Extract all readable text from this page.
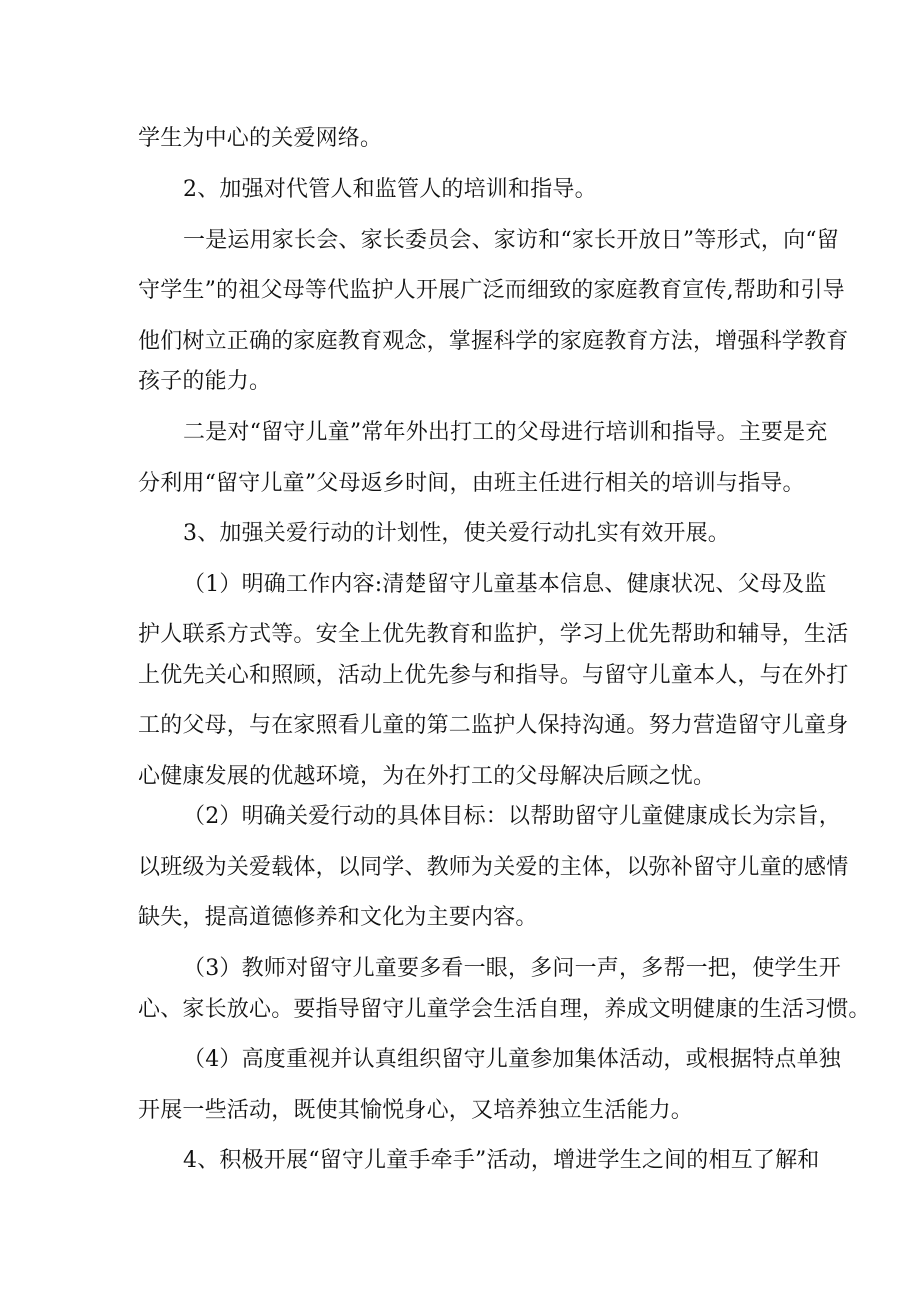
学生为中心的关爱网络。
2、加强对代管人和监管人的培训和指导。
一是运用家长会、家长委员会、家访和“家长开放日”等形式，向“留
守学生”的祖父母等代监护人开展广泛而细致的家庭教育宣传,帮助和引导
他们树立正确的家庭教育观念，掌握科学的家庭教育方法，增强科学教育
孩子的能力。
二是对“留守儿童”常年外出打工的父母进行培训和指导。主要是充
分利用“留守儿童”父母返乡时间，由班主任进行相关的培训与指导。
3、加强关爱行动的计划性，使关爱行动扎实有效开展。
（1）明确工作内容:清楚留守儿童基本信息、健康状况、父母及监
护人联系方式等。安全上优先教育和监护，学习上优先帮助和辅导，生活
上优先关心和照顾，活动上优先参与和指导。与留守儿童本人，与在外打
工的父母，与在家照看儿童的第二监护人保持沟通。努力营造留守儿童身
心健康发展的优越环境，为在外打工的父母解决后顾之忧。
（2）明确关爱行动的具体目标：以帮助留守儿童健康成长为宗旨，
以班级为关爱载体，以同学、教师为关爱的主体，以弥补留守儿童的感情
缺失，提高道德修养和文化为主要内容。
（3）教师对留守儿童要多看一眼，多问一声，多帮一把，使学生开
心、家长放心。要指导留守儿童学会生活自理，养成文明健康的生活习惯。
（4）高度重视并认真组织留守儿童参加集体活动，或根据特点单独
开展一些活动，既使其愉悦身心，又培养独立生活能力。
4、积极开展“留守儿童手牵手”活动，增进学生之间的相互了解和
